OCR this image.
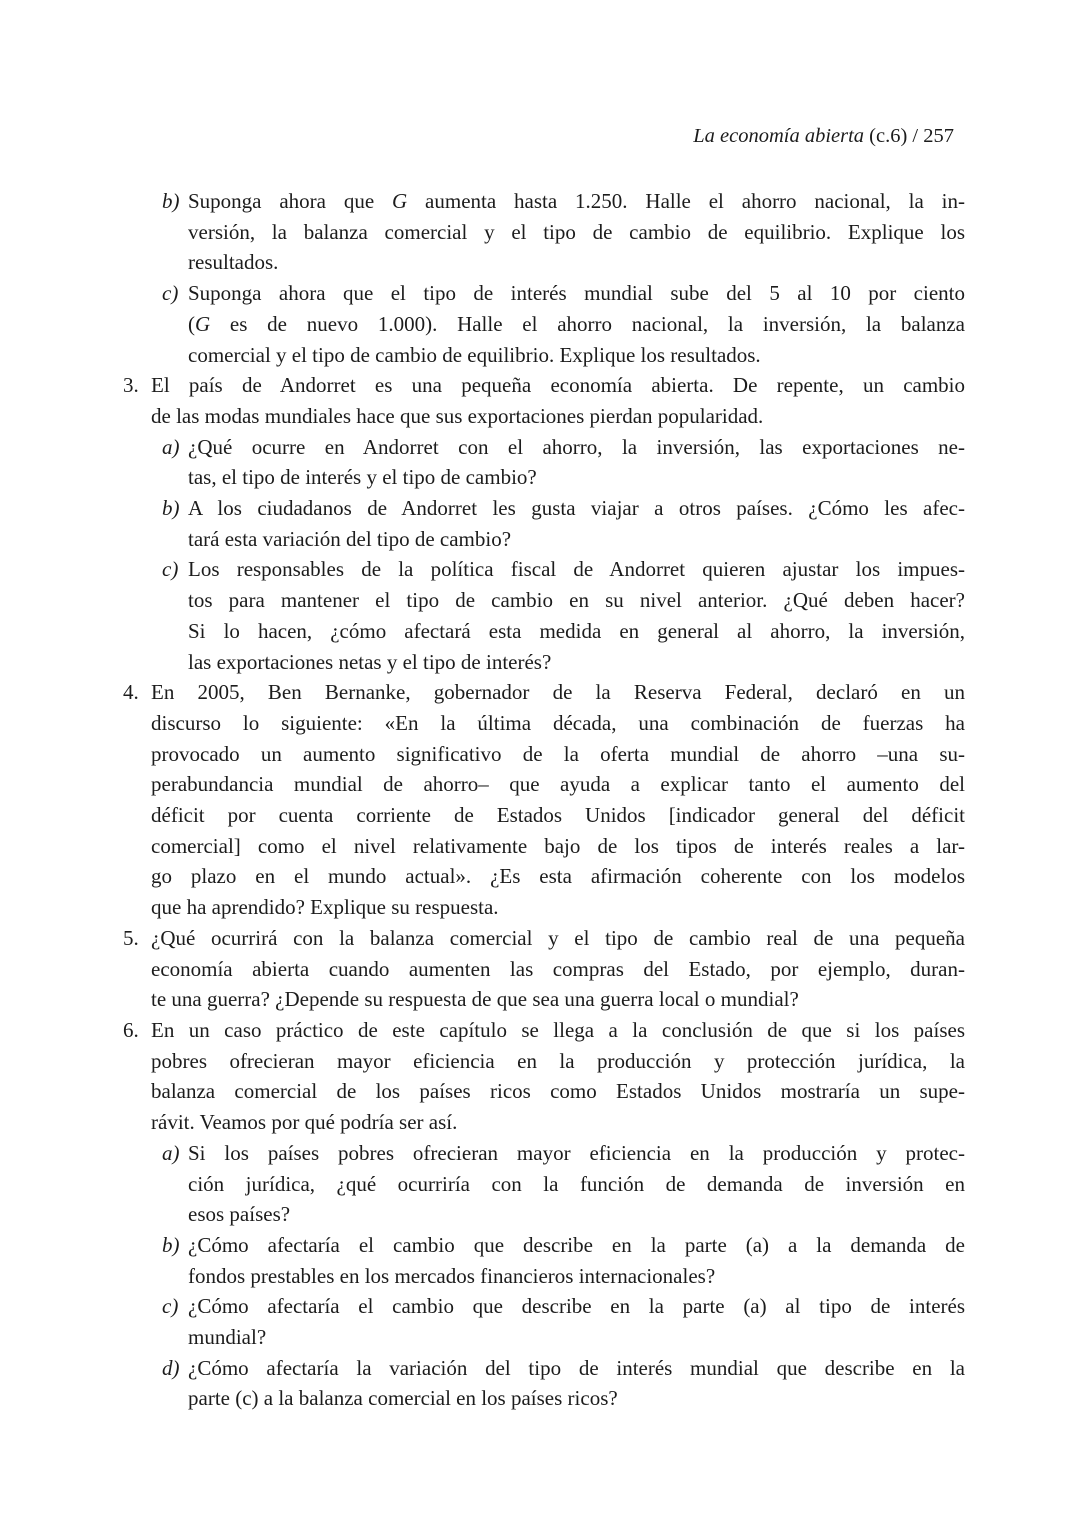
La economía abierta (c.6) / 257
b) Suponga ahora que G aumenta hasta 1.250. Halle el ahorro nacional, la in-
versión, la balanza comercial y el tipo de cambio de equilibrio. Explique los
resultados.
c) Suponga ahora que el tipo de interés mundial sube del 5 al 10 por ciento
(G es de nuevo 1.000). Halle el ahorro nacional, la inversión, la balanza
comercial y el tipo de cambio de equilibrio. Explique los resultados.
3. El país de Andorret es una pequeña economía abierta. De repente, un cambio
de las modas mundiales hace que sus exportaciones pierdan popularidad.
a) ¿Qué ocurre en Andorret con el ahorro, la inversión, las exportaciones ne-
tas, el tipo de interés y el tipo de cambio?
b) A los ciudadanos de Andorret les gusta viajar a otros países. ¿Cómo les afec-
tará esta variación del tipo de cambio?
c) Los responsables de la política fiscal de Andorret quieren ajustar los impues-
tos para mantener el tipo de cambio en su nivel anterior. ¿Qué deben hacer?
Si lo hacen, ¿cómo afectará esta medida en general al ahorro, la inversión,
las exportaciones netas y el tipo de interés?
4. En 2005, Ben Bernanke, gobernador de la Reserva Federal, declaró en un
discurso lo siguiente: «En la última década, una combinación de fuerzas ha
provocado un aumento significativo de la oferta mundial de ahorro –una su-
perabundancia mundial de ahorro– que ayuda a explicar tanto el aumento del
déficit por cuenta corriente de Estados Unidos [indicador general del déficit
comercial] como el nivel relativamente bajo de los tipos de interés reales a lar-
go plazo en el mundo actual». ¿Es esta afirmación coherente con los modelos
que ha aprendido? Explique su respuesta.
5. ¿Qué ocurrirá con la balanza comercial y el tipo de cambio real de una pequeña
economía abierta cuando aumenten las compras del Estado, por ejemplo, duran-
te una guerra? ¿Depende su respuesta de que sea una guerra local o mundial?
6. En un caso práctico de este capítulo se llega a la conclusión de que si los países
pobres ofrecieran mayor eficiencia en la producción y protección jurídica, la
balanza comercial de los países ricos como Estados Unidos mostraría un supe-
rávit. Veamos por qué podría ser así.
a) Si los países pobres ofrecieran mayor eficiencia en la producción y protec-
ción jurídica, ¿qué ocurriría con la función de demanda de inversión en
esos países?
b) ¿Cómo afectaría el cambio que describe en la parte (a) a la demanda de
fondos prestables en los mercados financieros internacionales?
c) ¿Cómo afectaría el cambio que describe en la parte (a) al tipo de interés
mundial?
d) ¿Cómo afectaría la variación del tipo de interés mundial que describe en la
parte (c) a la balanza comercial en los países ricos?
